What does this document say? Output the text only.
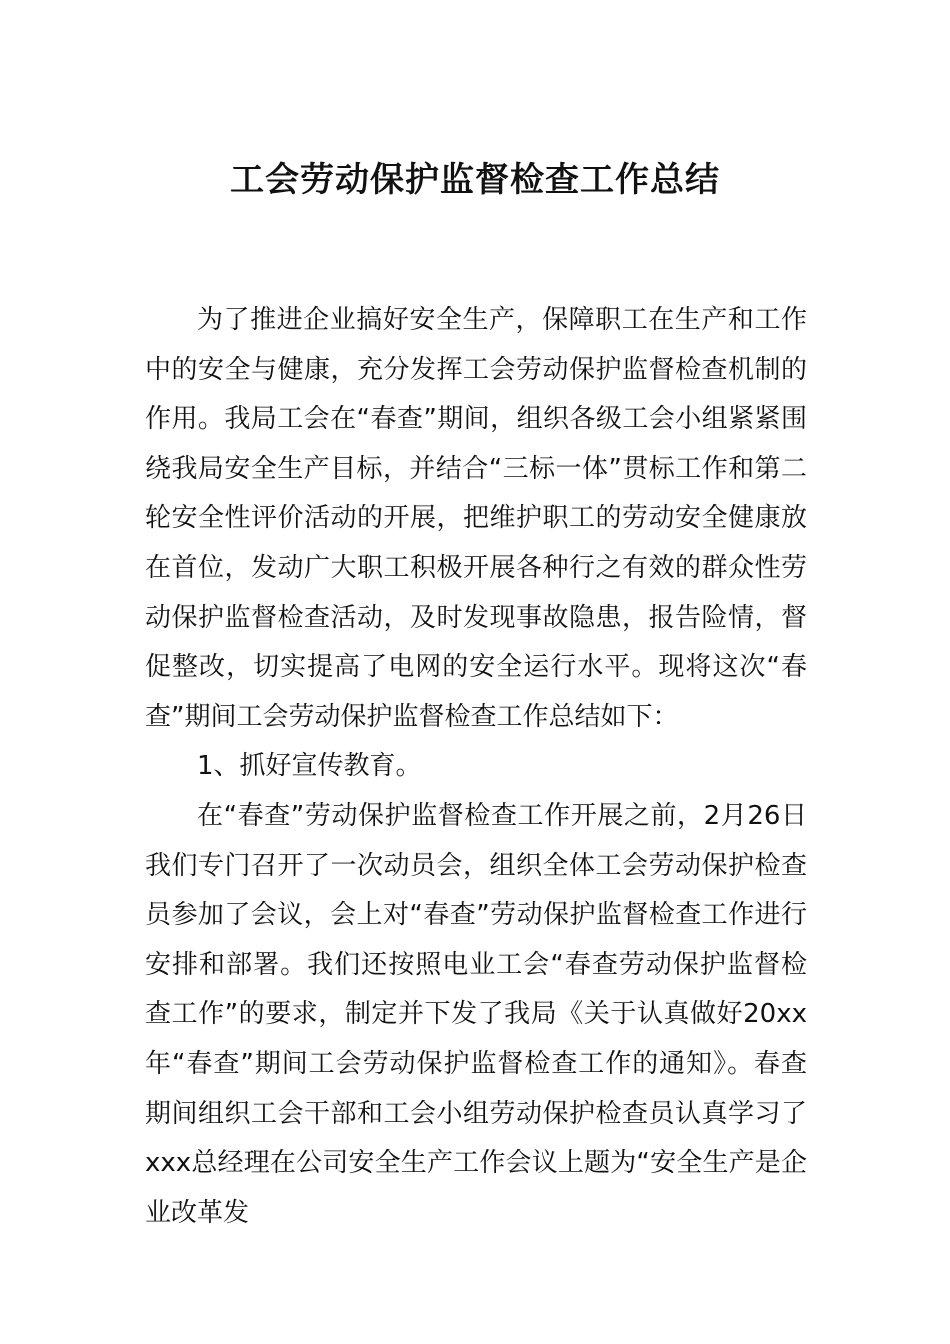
工会劳动保护监督检查工作总结

为了推进企业搞好安全生产，保障职工在生产和工作中的安全与健康，充分发挥工会劳动保护监督检查机制的作用。我局工会在“春查”期间，组织各级工会小组紧紧围绕我局安全生产目标，并结合“三标一体”贯标工作和第二轮安全性评价活动的开展，把维护职工的劳动安全健康放在首位，发动广大职工积极开展各种行之有效的群众性劳动保护监督检查活动，及时发现事故隐患，报告险情，督促整改，切实提高了电网的安全运行水平。现将这次“春查”期间工会劳动保护监督检查工作总结如下：

1、抓好宣传教育。

在“春查”劳动保护监督检查工作开展之前，2月26日我们专门召开了一次动员会，组织全体工会劳动保护检查员参加了会议，会上对“春查”劳动保护监督检查工作进行安排和部署。我们还按照电业工会“春查劳动保护监督检查工作”的要求，制定并下发了我局《关于认真做好20xx年“春查”期间工会劳动保护监督检查工作的通知》。春查期间组织工会干部和工会小组劳动保护检查员认真学习了xxx总经理在公司安全生产工作会议上题为“安全生产是企业改革发
